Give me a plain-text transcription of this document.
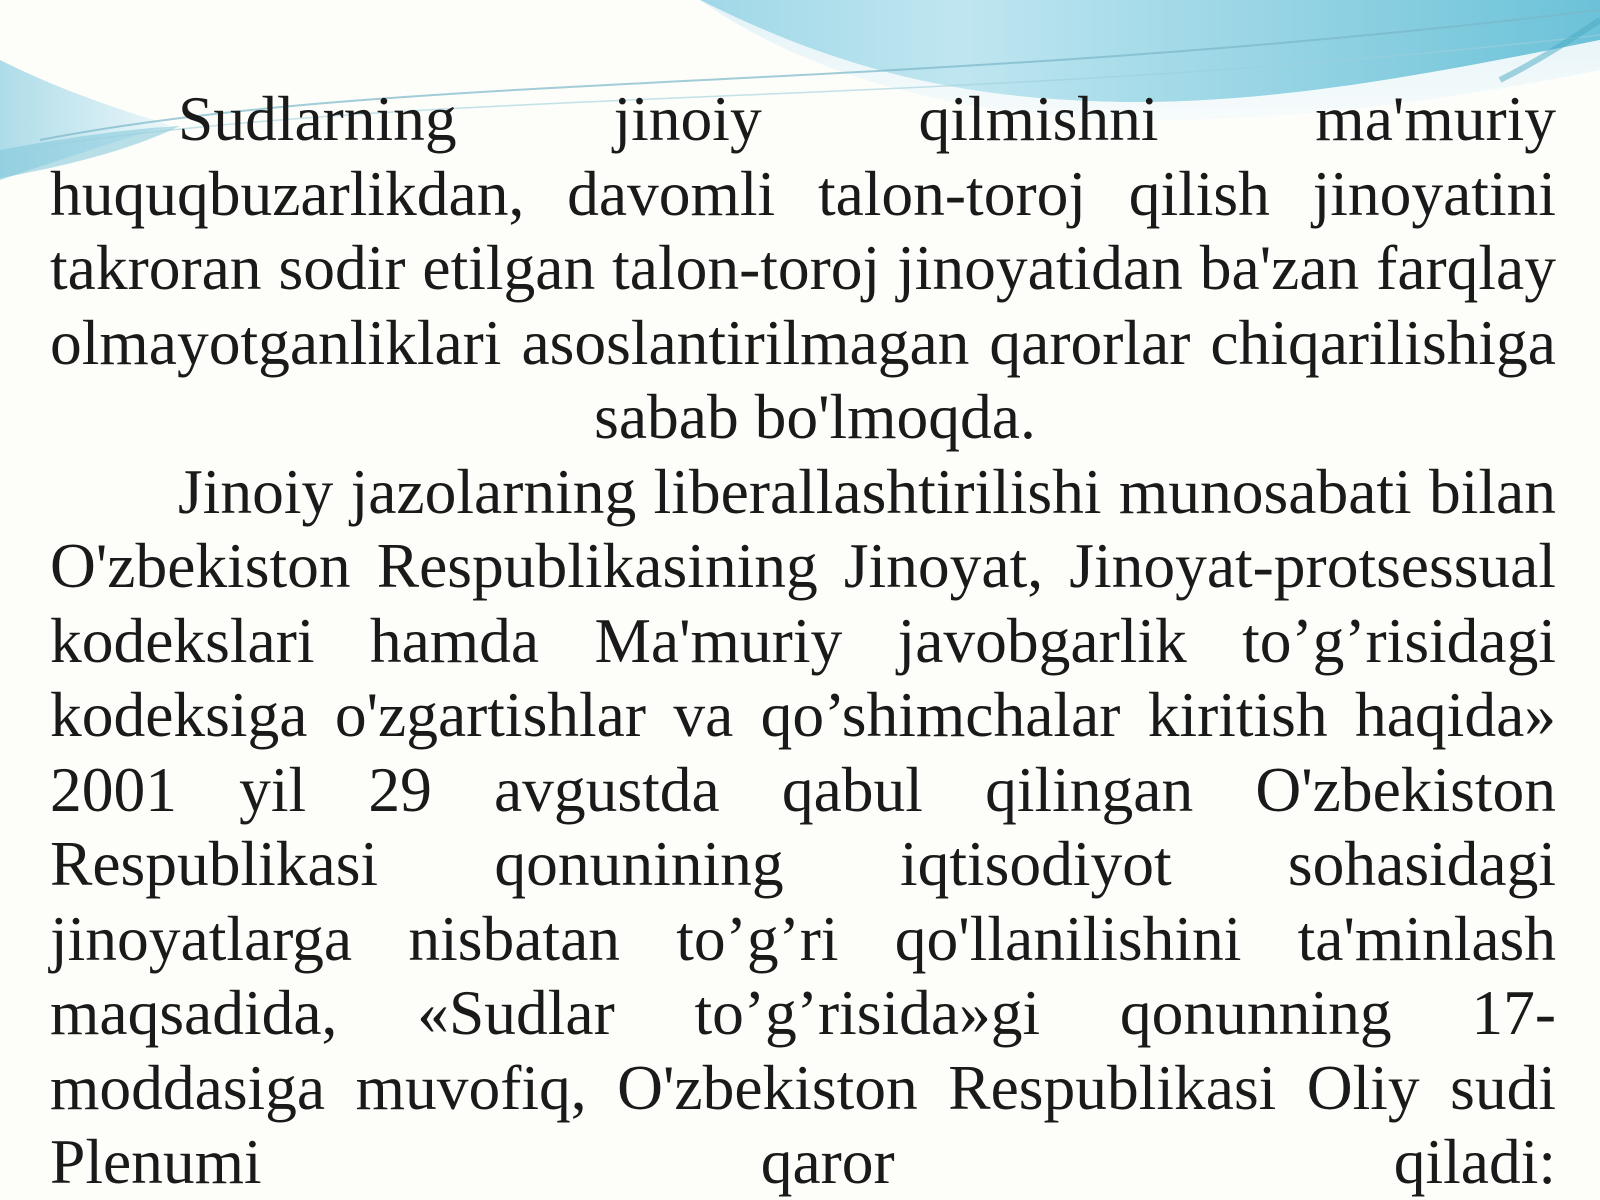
Sudlarning jinoiy qilmishni ma'muriy huquqbuzarlikdan, davomli talon-toroj qilish jinoyatini takroran sodir etilgan talon-toroj jinoyatidan ba'zan farqlay olmayotganliklari asoslantirilmagan qarorlar chiqarilishiga

sabab bo'lmoqda.

Jinoiy jazolarning liberallashtirilishi munosabati bilan O'zbekiston Respublikasining Jinoyat, Jinoyat-protsessual kodekslari hamda Ma'muriy javobgarlik to’g’risidagi kodeksiga o'zgartishlar va qo’shimchalar kiritish haqida» 2001 yil 29 avgustda qabul qilingan O'zbekiston Respublikasi qonunining iqtisodiyot sohasidagi jinoyatlarga nisbatan to’g’ri qo'llanilishini ta'minlash maqsadida, «Sudlar to’g’risida»gi qonunning 17-moddasiga muvofiq, O'zbekiston Respublikasi Oliy sudi Plenumi qaror qiladi:
